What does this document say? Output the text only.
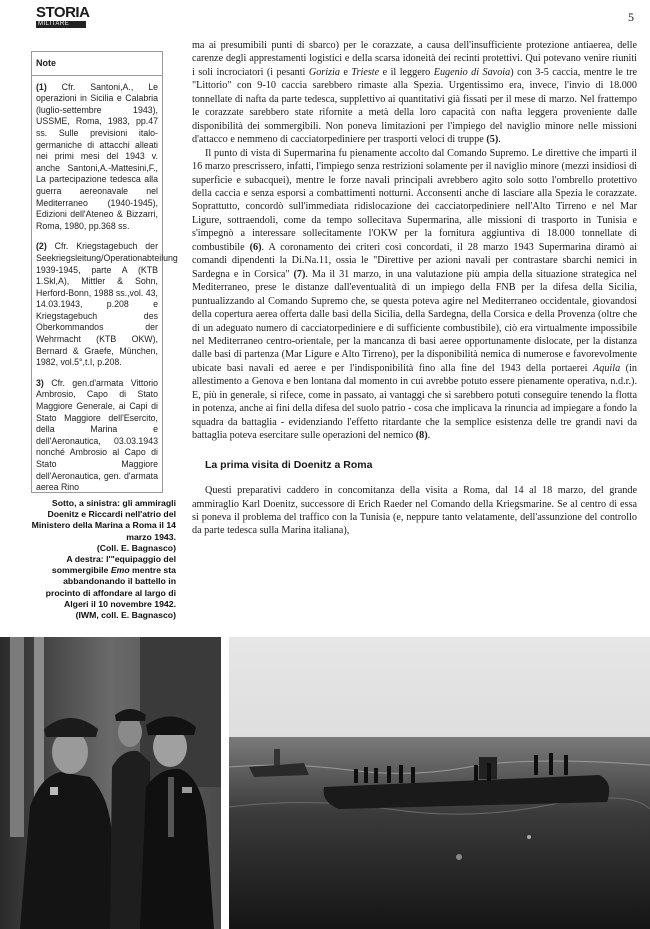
STORIA
MILITARE	5
Note

(1) Cfr. Santoni,A., Le operazioni in Sicilia e Calabria (luglio-settembre 1943), USSME, Roma, 1983, pp.47 ss. Sulle previsioni italo-germaniche di attacchi alleati nei primi mesi del 1943 v. anche Santoni,A.-Mattesini,F., La partecipazione tedesca alla guerra aereonavale nel Mediterraneo (1940-1945), Edizioni dell'Ateneo & Bizzarri, Roma, 1980, pp.368 ss.

(2) Cfr. Kriegstagebuch der Seekriegsleitung/Operationabteilung 1939-1945, parte A (KTB 1.Skl,A), Mittler & Sohn, Herford-Bonn, 1988 ss.,vol. 43, 14.03.1943, p.208 e Kriegstagebuch des Oberkommandos der Wehrmacht (KTB OKW), Bernard & Graefe, München, 1982, vol.5°,t.I, p.208.

3) Cfr. gen.d'armata Vittorio Ambrosio, Capo di Stato Maggiore Generale, ai Capi di Stato Maggiore dell'Esercito, della Marina e dell'Aeronautica, 03.03.1943 nonché Ambrosio al Capo di Stato Maggiore dell'Aeronautica, gen. d'armata aerea Rino

Sotto, a sinistra: gli ammiragli Doenitz e Riccardi nell'atrio del Ministero della Marina a Roma il 14 marzo 1943.
(Coll. E. Bagnasco)
A destra: l'"equipaggio del sommergibile Emo mentre sta abbandonando il battello in procinto di affondare al largo di Algeri il 10 novembre 1942.
(IWM, coll. E. Bagnasco)

ma ai presumibili punti di sbarco) per le corazzate, a causa dell'insufficiente protezione antiaerea, delle carenze degli apprestamenti logistici e della scarsa idoneità dei recinti protettivi. Qui potevano venire riuniti i soli incrociatori (i pesanti Gorizia e Trieste e il leggero Eugenio di Savoia) con 3-5 caccia, mentre le tre "Littorio" con 9-10 caccia sarebbero rimaste alla Spezia. Urgentissimo era, invece, l'invio di 18.000 tonnellate di nafta da parte tedesca, supplettivo ai quantitativi già fissati per il mese di marzo. Nel frattempo le corazzate sarebbero state rifornite a metà della loro capacità con nafta leggera proveniente dalle disponibilità dei sommergibili. Non poneva limitazioni per l'impiego del naviglio minore nelle missioni d'attacco e nemmeno di cacciatorpediniere per trasporti veloci di truppe (5).

Il punto di vista di Supermarina fu pienamente accolto dal Comando Supremo. Le direttive che impartì il 16 marzo prescrissero, infatti, l'impiego senza restrizioni solamente per il naviglio minore (mezzi insidiosi di superficie e subacquei), mentre le forze navali principali avrebbero agito solo sotto l'ombrello protettivo della caccia e senza esporsi a combattimenti notturni. Acconsenti anche di lasciare alla Spezia le corazzate. Soprattutto, concordò sull'immediata ridislocazione dei cacciatorpediniere nell'Alto Tirreno e nel Mar Ligure, sottraendoli, come da tempo sollecitava Supermarina, alle missioni di trasporto in Tunisia e s'impegnò a interessare sollecitamente l'OKW per la fornitura aggiuntiva di 18.000 tonnellate di combustibile (6). A coronamento dei criteri così concordati, il 28 marzo 1943 Supermarina diramò ai comandi dipendenti la Di.Na.11, ossia le "Direttive per azioni navali per contrastare sbarchi nemici in Sardegna e in Corsica" (7). Ma il 31 marzo, in una valutazione più ampia della situazione strategica nel Mediterraneo, prese le distanze dall'eventualità di un impiego della FNB per la difesa della Sicilia, puntualizzando al Comando Supremo che, se questa poteva agire nel Mediterraneo occidentale, giovandosi della copertura aerea offerta dalle basi della Sicilia, della Sardegna, della Corsica e della Provenza (oltre che di un adeguato numero di cacciatorpediniere e di sufficiente combustibile), ciò era virtualmente impossibile nel Mediterraneo centro-orientale, per la mancanza di basi aeree opportunamente dislocate, per la distanza dalle basi di partenza (Mar Ligure e Alto Tirreno), per la disponibilità nemica di numerose e favorevolmente ubicate basi navali ed aeree e per l'indisponibilità fino alla fine del 1943 della portaerei Aquila (in allestimento a Genova e ben lontana dal momento in cui avrebbe potuto essere pienamente operativa, n.d.r.). E, più in generale, si rifece, come in passato, ai vantaggi che si sarebbero potuti conseguire tenendo la flotta in potenza, anche ai fini della difesa del suolo patrio - cosa che implicava la rinuncia ad impiegare a fondo la squadra da battaglia - evidenziando l'effetto ritardante che la semplice esistenza delle tre grandi navi da battaglia poteva esercitare sulle operazioni del nemico (8).

La prima visita di Doenitz a Roma

Questi preparativi caddero in concomitanza della visita a Roma, dal 14 al 18 marzo, del grande ammiraglio Karl Doenitz, successore di Erich Raeder nel Comando della Kriegsmarine. Se al centro di essa si poneva il problema del traffico con la Tunisia (e, neppure tanto velatamente, dell'assunzione del controllo da parte tedesca sulla Marina italiana),
